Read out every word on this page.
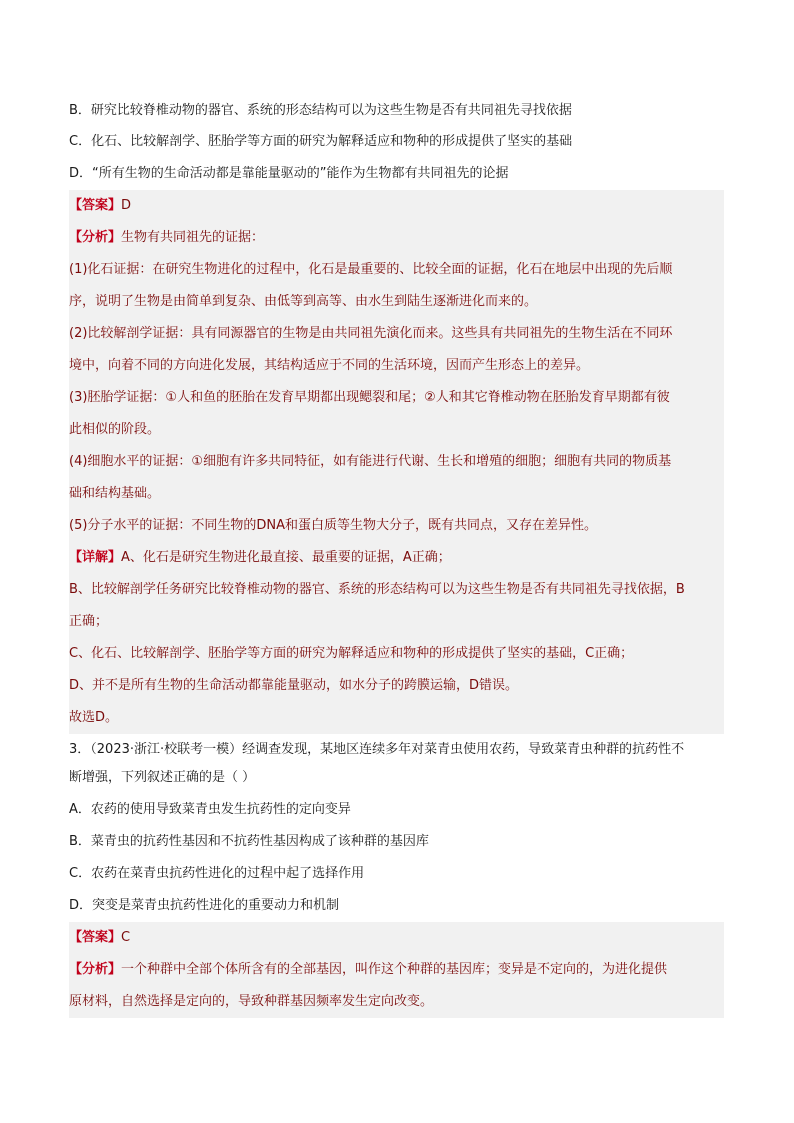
B．研究比较脊椎动物的器官、系统的形态结构可以为这些生物是否有共同祖先寻找依据
C．化石、比较解剖学、胚胎学等方面的研究为解释适应和物种的形成提供了坚实的基础
D．“所有生物的生命活动都是靠能量驱动的”能作为生物都有共同祖先的论据
【答案】D
【分析】生物有共同祖先的证据：
(1)化石证据：在研究生物进化的过程中，化石是最重要的、比较全面的证据，化石在地层中出现的先后顺
序，说明了生物是由简单到复杂、由低等到高等、由水生到陆生逐渐进化而来的。
(2)比较解剖学证据：具有同源器官的生物是由共同祖先演化而来。这些具有共同祖先的生物生活在不同环
境中，向着不同的方向进化发展，其结构适应于不同的生活环境，因而产生形态上的差异。
(3)胚胎学证据：①人和鱼的胚胎在发育早期都出现鳃裂和尾；②人和其它脊椎动物在胚胎发育早期都有彼
此相似的阶段。
(4)细胞水平的证据：①细胞有许多共同特征，如有能进行代谢、生长和增殖的细胞；细胞有共同的物质基
础和结构基础。
(5)分子水平的证据：不同生物的DNA和蛋白质等生物大分子，既有共同点，又存在差异性。
【详解】A、化石是研究生物进化最直接、最重要的证据，A正确；
B、比较解剖学任务研究比较脊椎动物的器官、系统的形态结构可以为这些生物是否有共同祖先寻找依据，B
正确；
C、化石、比较解剖学、胚胎学等方面的研究为解释适应和物种的形成提供了坚实的基础，C正确；
D、并不是所有生物的生命活动都靠能量驱动，如水分子的跨膜运输，D错误。
故选D。
3．（2023·浙江·校联考一模）经调查发现，某地区连续多年对菜青虫使用农药，导致菜青虫种群的抗药性不
断增强，下列叙述正确的是（ ）
A．农药的使用导致菜青虫发生抗药性的定向变异
B．菜青虫的抗药性基因和不抗药性基因构成了该种群的基因库
C．农药在菜青虫抗药性进化的过程中起了选择作用
D．突变是菜青虫抗药性进化的重要动力和机制
【答案】C
【分析】一个种群中全部个体所含有的全部基因，叫作这个种群的基因库；变异是不定向的，为进化提供
原材料，自然选择是定向的，导致种群基因频率发生定向改变。
